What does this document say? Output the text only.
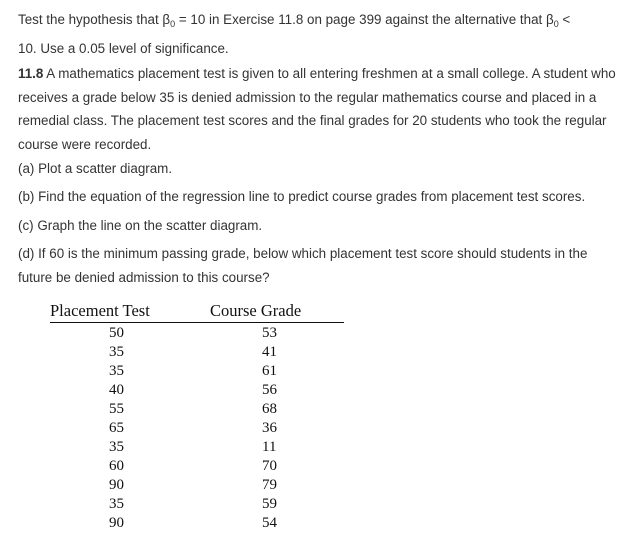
Test the hypothesis that $\beta_0 = 10$ in Exercise 11.8 on page 399 against the alternative that $\beta_0$ <
10. Use a 0.05 level of significance.

11.8 A mathematics placement test is given to all entering freshmen at a small college. A student who receives a grade below 35 is denied admission to the regular mathematics course and placed in a remedial class. The placement test scores and the final grades for 20 students who took the regular course were recorded.

(a) Plot a scatter diagram.

(b) Find the equation of the regression line to predict course grades from placement test scores.

(c) Graph the line on the scatter diagram.

(d) If 60 is the minimum passing grade, below which placement test score should students in the future be denied admission to this course?

Placement Test	Course Grade
50	53
35	41
35	61
40	56
55	68
65	36
35	11
60	70
90	79
35	59
90	54
